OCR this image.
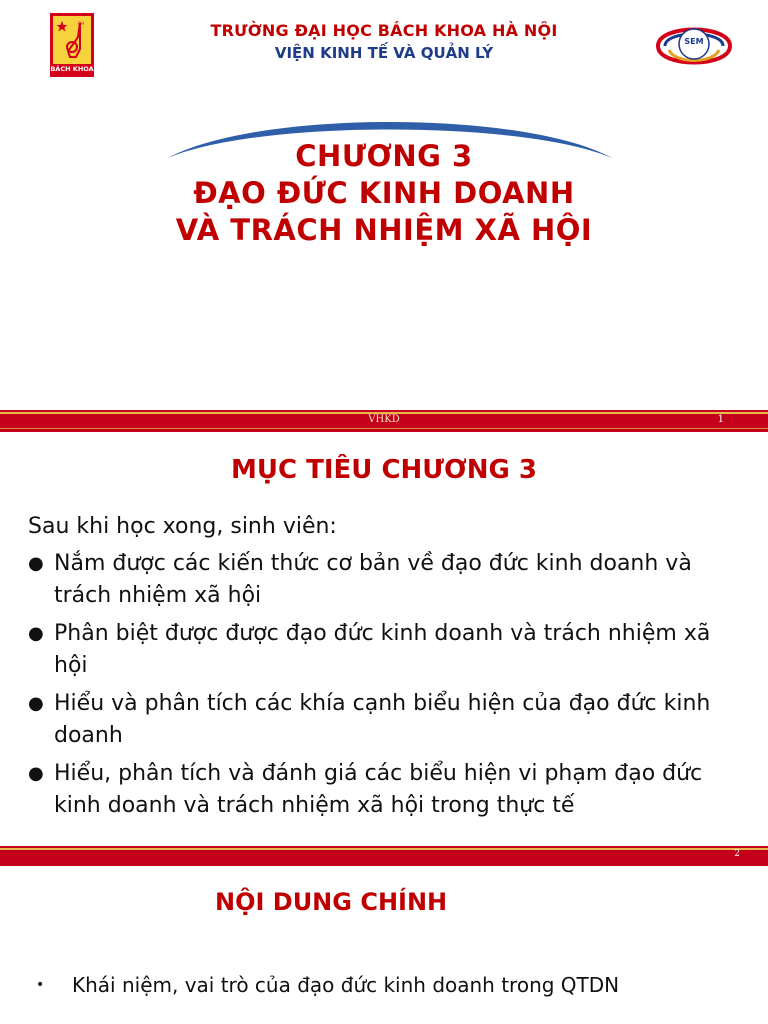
ĐH
BÁCH KHOA
TRƯỜNG ĐẠI HỌC BÁCH KHOA HÀ NỘI
VIỆN KINH TẾ VÀ QUẢN LÝ
SEM
CHƯƠNG 3
ĐẠO ĐỨC KINH DOANH
VÀ TRÁCH NHIỆM XÃ HỘI
VHKD	1
MỤC TIÊU CHƯƠNG 3
Sau khi học xong, sinh viên:
● Nắm được các kiến thức cơ bản về đạo đức kinh doanh và trách nhiệm xã hội
● Phân biệt được được đạo đức kinh doanh và trách nhiệm xã hội
● Hiểu và phân tích các khía cạnh biểu hiện của đạo đức kinh doanh
● Hiểu, phân tích và đánh giá các biểu hiện vi phạm đạo đức kinh doanh và trách nhiệm xã hội trong thực tế
2
NỘI DUNG CHÍNH
• Khái niệm, vai trò của đạo đức kinh doanh trong QTDN
